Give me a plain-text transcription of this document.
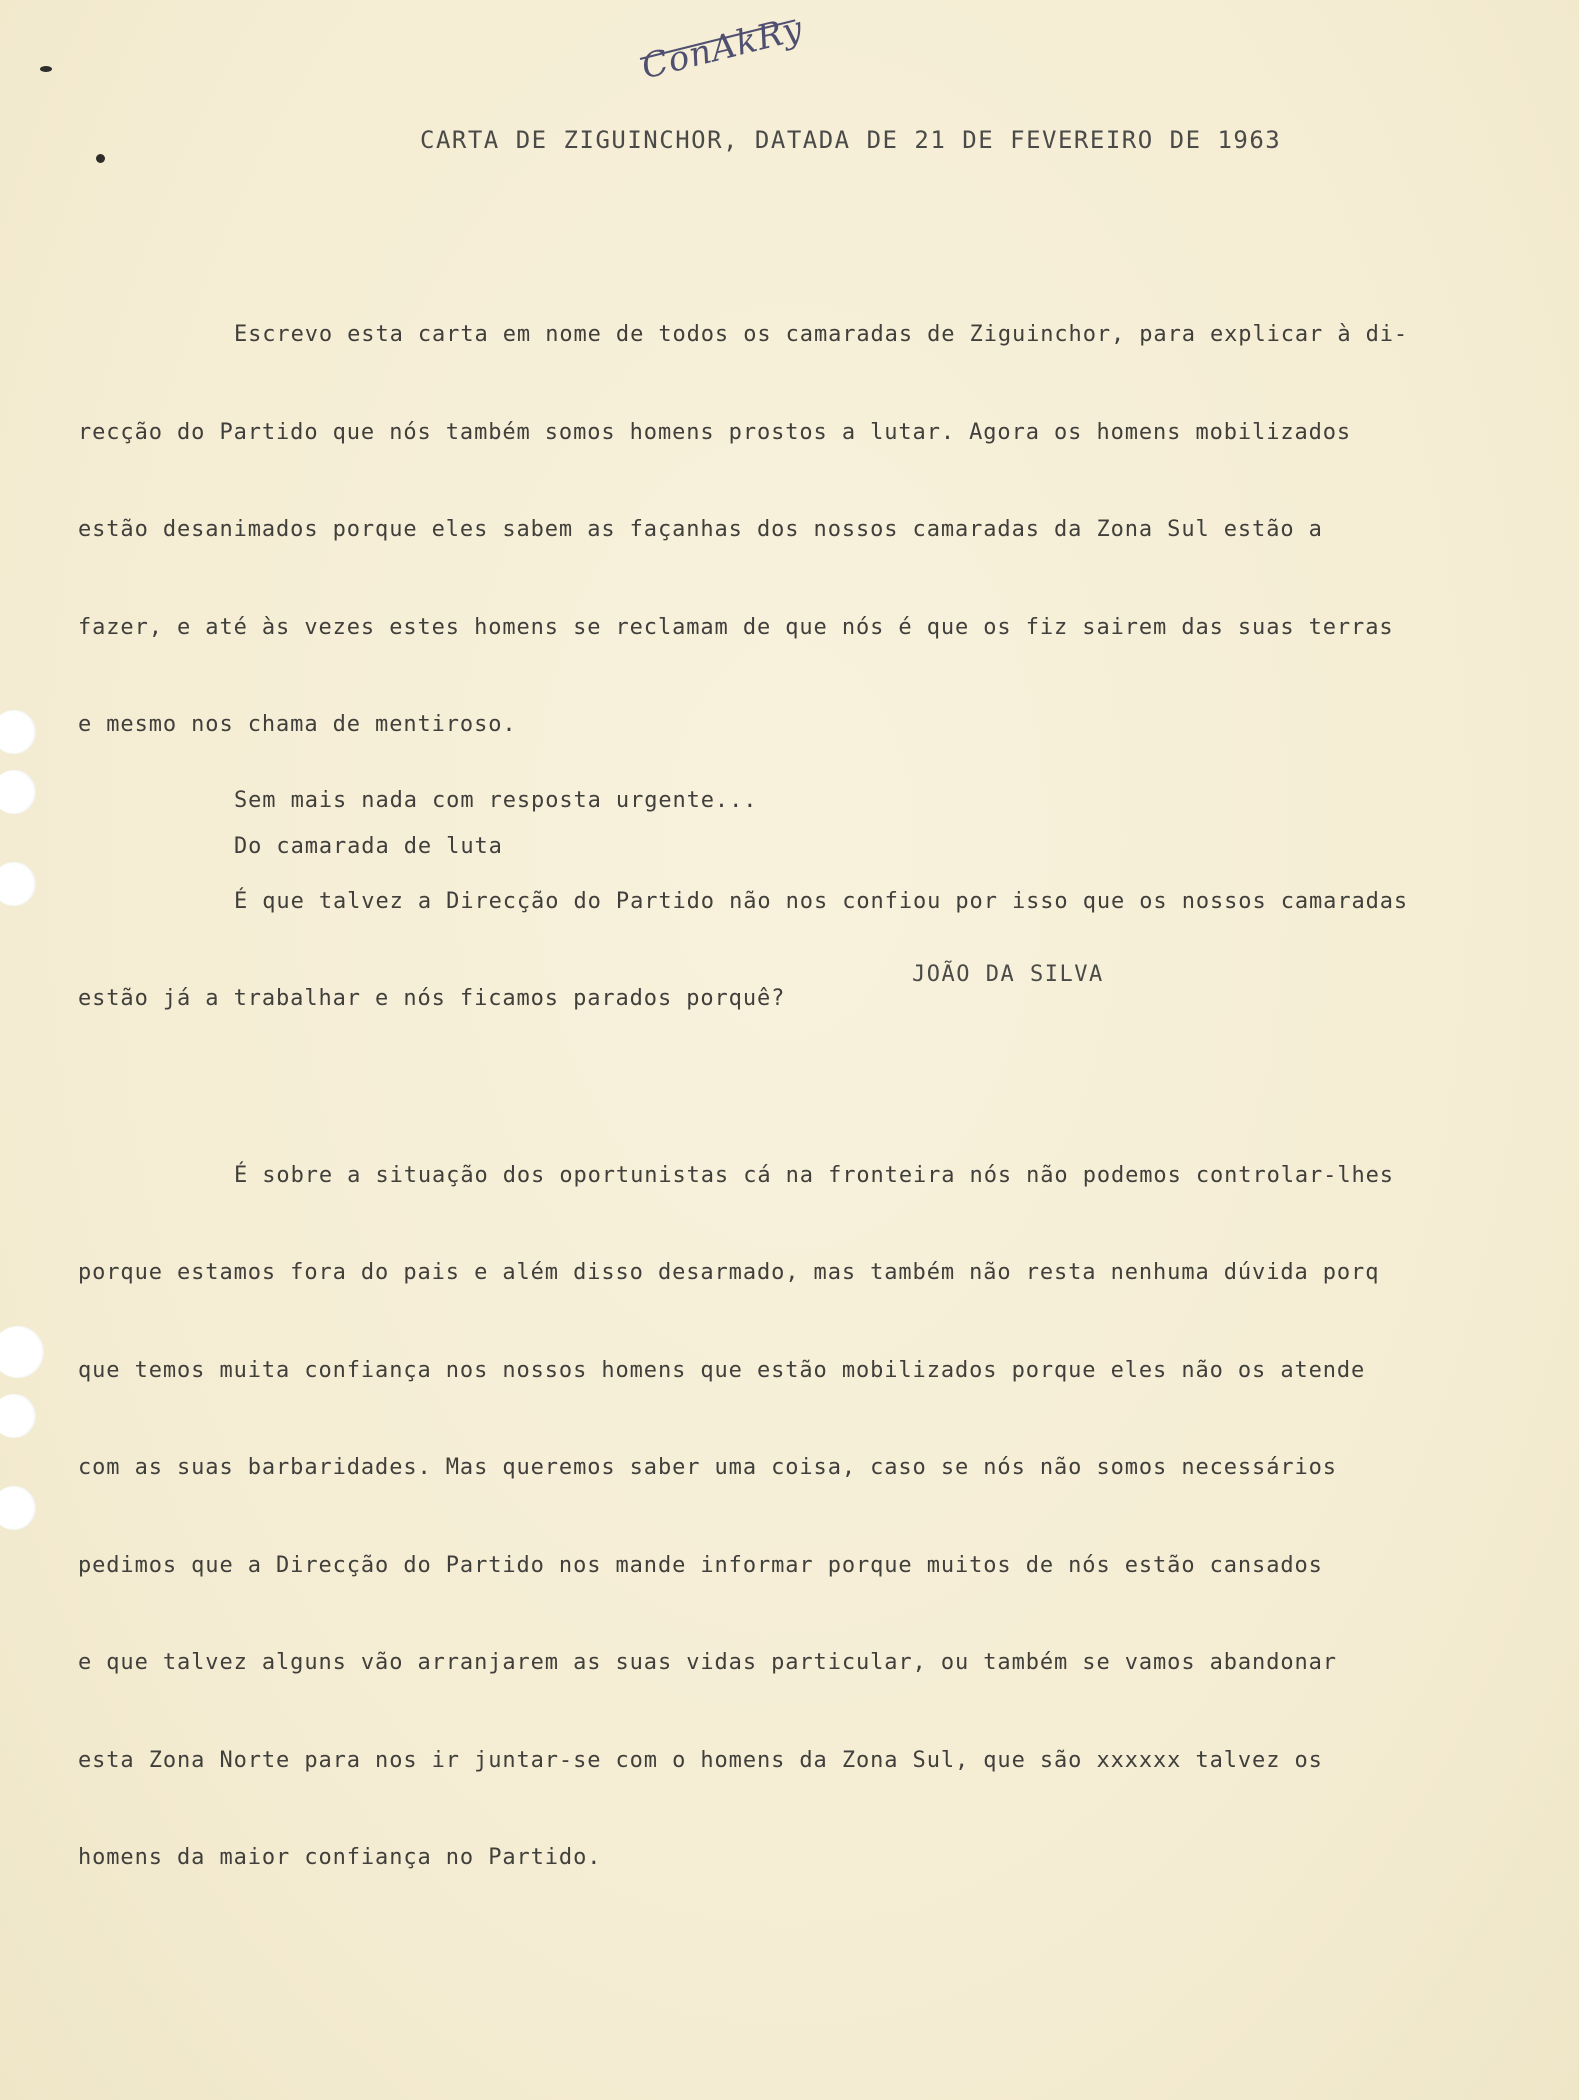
ConAkRy
CARTA DE ZIGUINCHOR, DATADA DE 21 DE FEVEREIRO DE 1963

Escrevo esta carta em nome de todos os camaradas de Ziguinchor, para explicar à di-

recção do Partido que nós também somos homens prostos a lutar. Agora os homens mobilizados

estão desanimados porque eles sabem as façanhas dos nossos camaradas da Zona Sul estão a

fazer, e até às vezes estes homens se reclamam de que nós é que os fiz sairem das suas terras

e mesmo nos chama de mentiroso.

É que talvez a Direcção do Partido não nos confiou por isso que os nossos camaradas

estão já a trabalhar e nós ficamos parados porquê?

É sobre a situação dos oportunistas cá na fronteira nós não podemos controlar-lhes

porque estamos fora do pais e além disso desarmado, mas também não resta nenhuma dúvida porq

que temos muita confiança nos nossos homens que estão mobilizados porque eles não os atende

com as suas barbaridades. Mas queremos saber uma coisa, caso se nós não somos necessários

pedimos que a Direcção do Partido nos mande informar porque muitos de nós estão cansados

e que talvez alguns vão arranjarem as suas vidas particular, ou também se vamos abandonar

esta Zona Norte para nos ir juntar-se com o homens da Zona Sul, que são xxxxxx talvez os

homens da maior confiança no Partido.

Sem mais nada com resposta urgente...
Do camarada de luta
JOÃO DA SILVA
